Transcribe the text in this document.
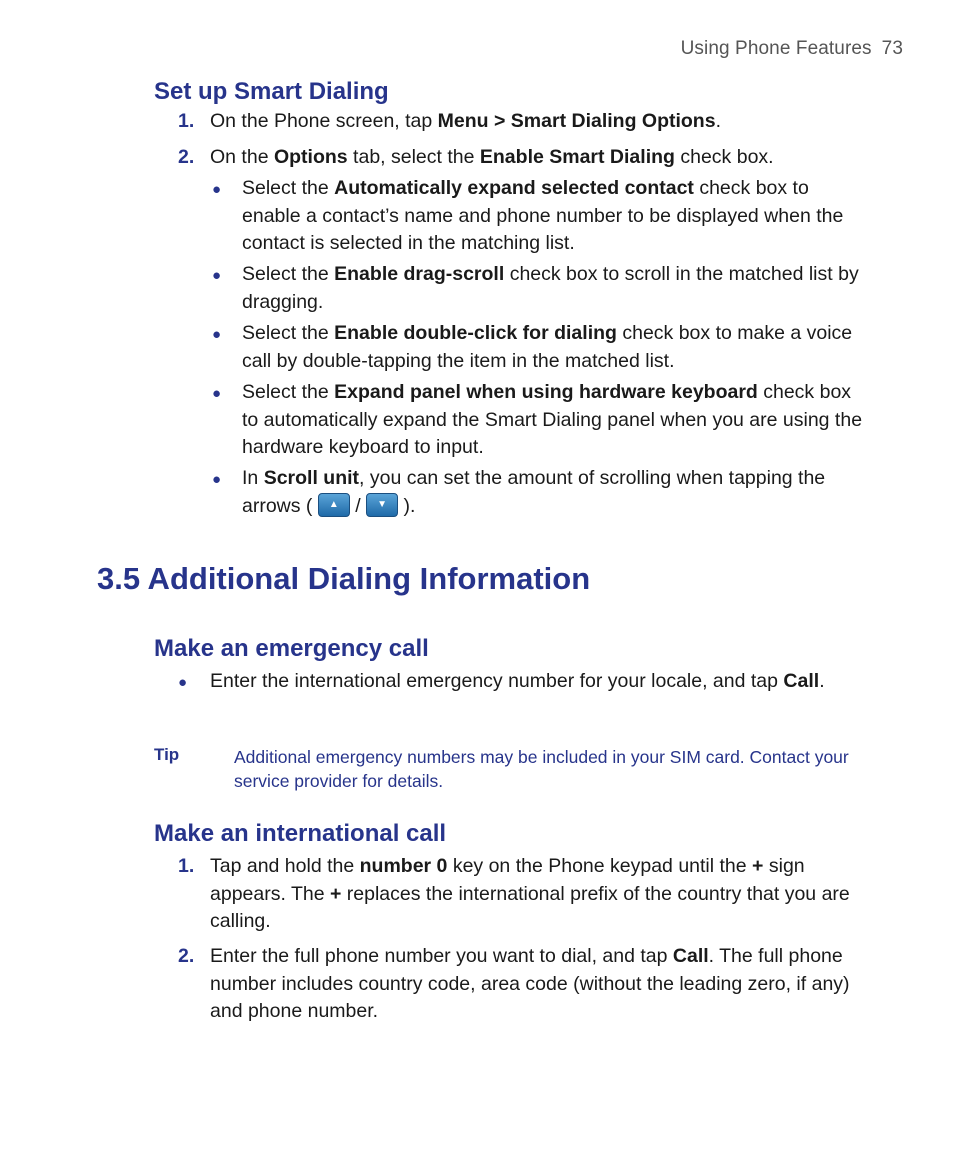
Using Phone Features 73
Set up Smart Dialing
1. On the Phone screen, tap Menu > Smart Dialing Options.
2. On the Options tab, select the Enable Smart Dialing check box.
● Select the Automatically expand selected contact check box to enable a contact’s name and phone number to be displayed when the contact is selected in the matching list.
● Select the Enable drag-scroll check box to scroll in the matched list by dragging.
● Select the Enable double-click for dialing check box to make a voice call by double-tapping the item in the matched list.
● Select the Expand panel when using hardware keyboard check box to automatically expand the Smart Dialing panel when you are using the hardware keyboard to input.
● In Scroll unit, you can set the amount of scrolling when tapping the arrows ( ▲ / ▼ ).
3.5 Additional Dialing Information
Make an emergency call
● Enter the international emergency number for your locale, and tap Call.
Tip	Additional emergency numbers may be included in your SIM card. Contact your service provider for details.
Make an international call
1. Tap and hold the number 0 key on the Phone keypad until the + sign appears. The + replaces the international prefix of the country that you are calling.
2. Enter the full phone number you want to dial, and tap Call. The full phone number includes country code, area code (without the leading zero, if any) and phone number.
